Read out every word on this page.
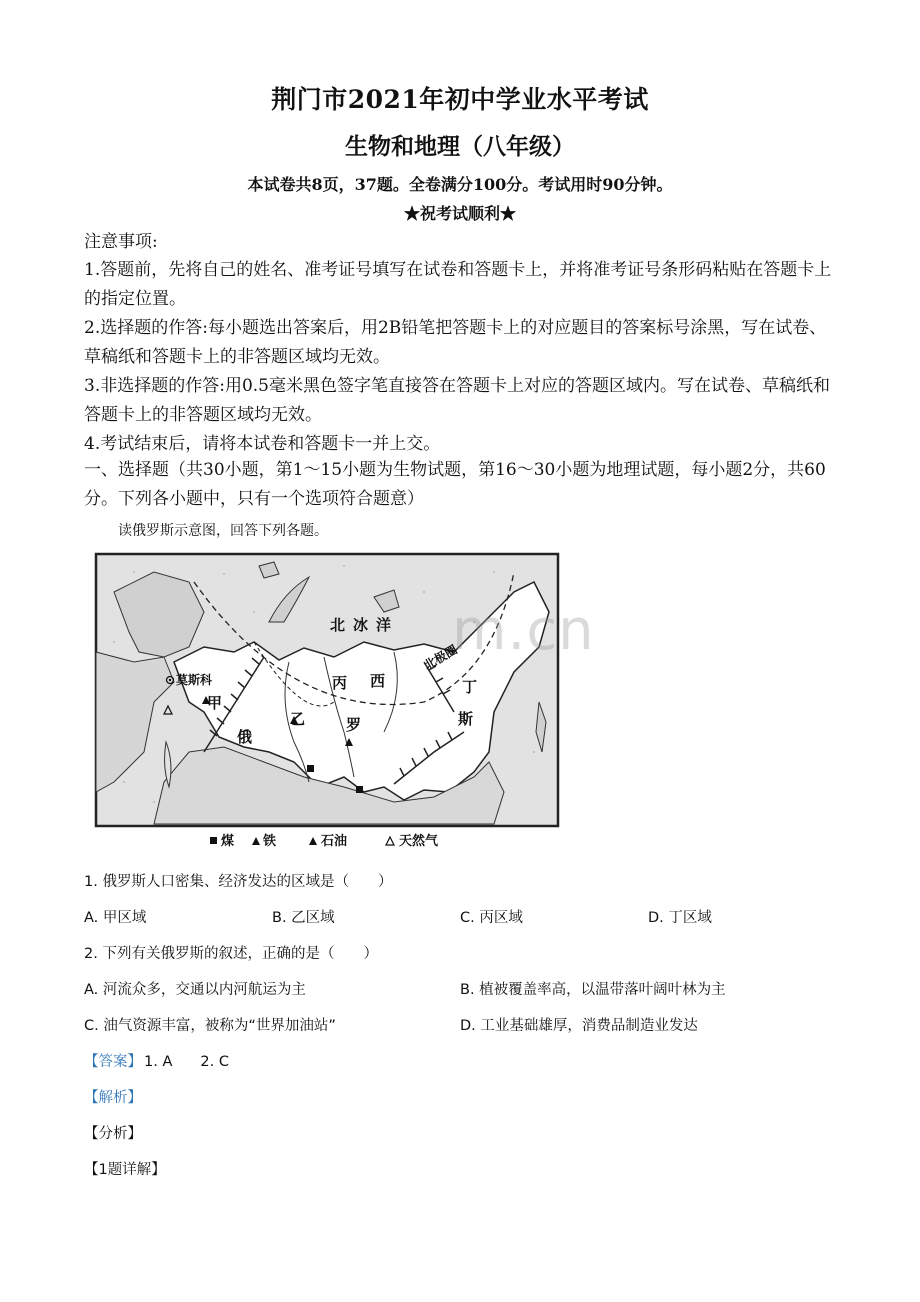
荆门市2021年初中学业水平考试
生物和地理（八年级）
本试卷共8页，37题。全卷满分100分。考试用时90分钟。
★祝考试顺利★
注意事项:

1.答题前，先将自己的姓名、准考证号填写在试卷和答题卡上，并将准考证号条形码粘贴在答题卡上的指定位置。

2.选择题的作答:每小题选出答案后，用2B铅笔把答题卡上的对应题目的答案标号涂黑，写在试卷、草稿纸和答题卡上的非答题区域均无效。

3.非选择题的作答:用0.5毫米黑色签字笔直接答在答题卡上对应的答题区域内。写在试卷、草稿纸和答题卡上的非答题区域均无效。

4.考试结束后，请将本试卷和答题卡一并上交。

一、选择题（共30小题，第1～15小题为生物试题，第16～30小题为地理试题，每小题2分，共60分。下列各小题中，只有一个选项符合题意）
读俄罗斯示意图，回答下列各题。
北冰洋
莫斯科
甲
乙
丙 西	丁
俄
罗	斯
北极圈
煤 铁	石油	天然气
m.cn
1. 俄罗斯人口密集、经济发达的区域是（　　）
A. 甲区域	B. 乙区域	C. 丙区域	D. 丁区域
2. 下列有关俄罗斯的叙述，正确的是（　　）
A. 河流众多，交通以内河航运为主	B. 植被覆盖率高，以温带落叶阔叶林为主
C. 油气资源丰富，被称为“世界加油站”	D. 工业基础雄厚，消费品制造业发达
【答案】 1. A 2. C
【解析】
【分析】
【1题详解】
